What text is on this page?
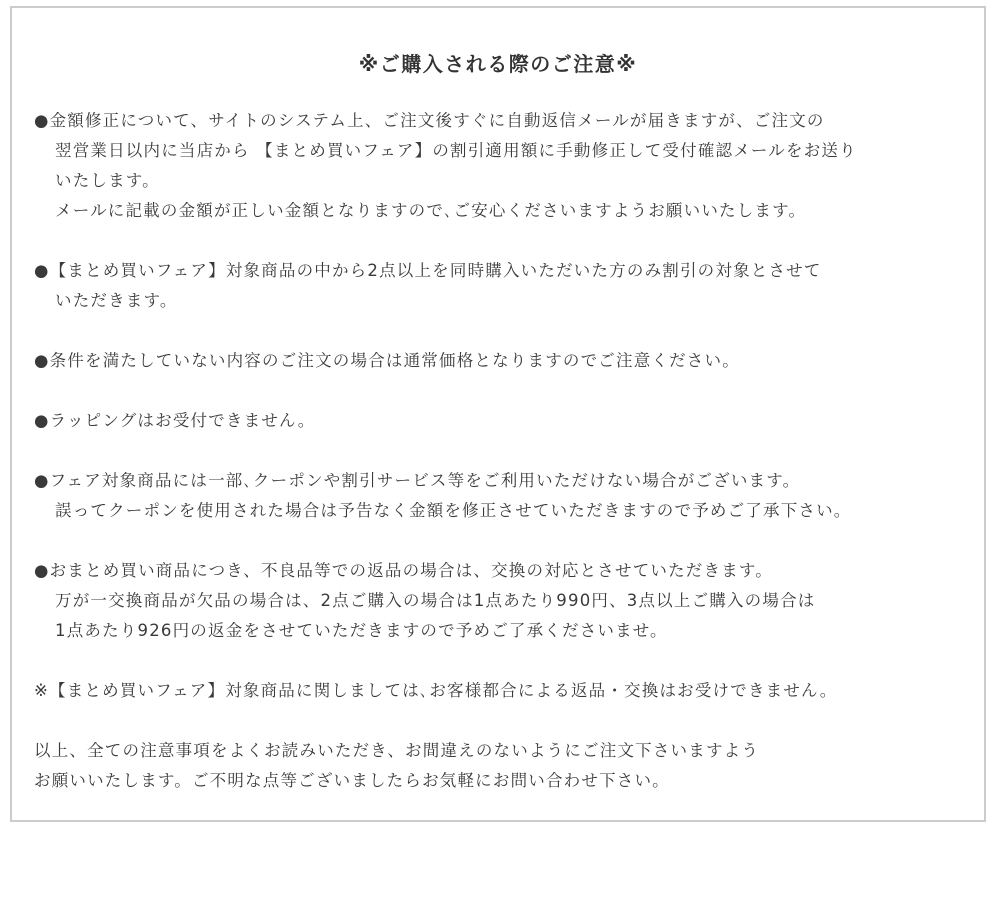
※ご購入される際のご注意※
●金額修正について、サイトのシステム上、ご注文後すぐに自動返信メールが届きますが、ご注文の
翌営業日以内に当店から 【まとめ買いフェア】の割引適用額に手動修正して受付確認メールをお送り
いたします。
メールに記載の金額が正しい金額となりますので､ご安心くださいますようお願いいたします。
●【まとめ買いフェア】対象商品の中から2点以上を同時購入いただいた方のみ割引の対象とさせて
いただきます。
●条件を満たしていない内容のご注文の場合は通常価格となりますのでご注意ください。
●ラッピングはお受付できません。
●フェア対象商品には一部､クーポンや割引サービス等をご利用いただけない場合がございます。
誤ってクーポンを使用された場合は予告なく金額を修正させていただきますので予めご了承下さい。
●おまとめ買い商品につき、不良品等での返品の場合は、交換の対応とさせていただきます。
万が一交換商品が欠品の場合は、2点ご購入の場合は1点あたり990円、3点以上ご購入の場合は
1点あたり926円の返金をさせていただきますので予めご了承くださいませ。
※【まとめ買いフェア】対象商品に関しましては､お客様都合による返品・交換はお受けできません。
以上、全ての注意事項をよくお読みいただき、お間違えのないようにご注文下さいますよう
お願いいたします。ご不明な点等ございましたらお気軽にお問い合わせ下さい。
